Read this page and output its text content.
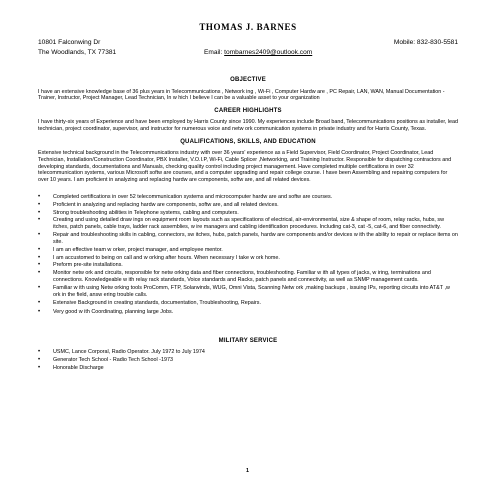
THOMAS J. BARNES
10801 Falconwing Dr
The Woodlands, TX 77381
Mobile: 832-830-5581
Email: tombarnes2409@outlook.com
OBJECTIVE

I have an extensive knowledge base of 36 plus years in Telecommunications , Network ing , Wi-Fi , Computer Hardw are , PC Repair, LAN, WAN, Manual Documentation -Trainer, Instructor, Project Manager, Lead Technician, In w hich I believe I can be a valuable asset to your organization

CAREER HIGHLIGHTS

I have thirty-six years of Experience and have been employed by Harris County since 1990. My experiences include Broad band, Telecommunications positions as installer, lead technician, project coordinator, supervisor, and instructor for numerous voice and netw ork communication systems in private industry and for Harris County, Texas.

QUALIFICATIONS, SKILLS, AND EDUCATION

Extensive technical background in the Telecommunications industry with over 36 years' experience as a Field Supervisor, Field Coordinator, Project Coordinator, Lead Technician, Installation/Construction Coordinator, PBX Installer, V.O.I.P, Wi-Fi, Cable Splicer ,Networking, and Training Instructor. Responsible for dispatching contractors and developing standards, documentations and Manuals, checking quality control including project management. Have completed multiple certifications in over 32 telecommunication systems, various Microsoft softw are courses, and a computer upgrading and repair college course. I have been Assembling and repairing computers for over 10 years. I am proficient in analyzing and replacing hardw are components, softw are, and all related devices.

• Completed certifications in over 52 telecommunication systems and microcomputer hardw are and softw are courses.
• Proficient in analyzing and replacing hardw are components, softw are, and all related devices.
• Strong troubleshooting abilities in Telephone systems, cabling and computers.
• Creating and using detailed draw ings on equipment room layouts such as specifications of electrical, air-environmental, size & shape of room, relay racks, hubs, sw itches, patch panels, cable trays, ladder rack assemblies, w ire managers and cabling identification procedures. Including cat-3, cat -5, cat-6, and fiber connectivity.
• Repair and troubleshooting skills in cabling, connectors, sw itches, hubs, patch panels, hardw are components and/or devices w ith the ability to repair or replace items on site.
• I am an effective team w orker, project manager, and employee mentor.
• I am accustomed to being on call and w orking after hours. When necessary I take w ork home.
• Preform pre-site installations.
• Monitor netw ork and circuits, responsible for netw orking data and fiber connections, troubleshooting. Familiar w ith all types of jacks, w iring, terminations and connections. Knowledgeable w ith relay rack standards, Voice standards and Racks, patch panels and connectivity, as well as SNMP management cards.
• Familiar w ith using Netw orking tools ProComm, FTP, Solarwinds, WUG, Omni Vista, Scanning Netw ork ,making backups , issuing IPs, reporting circuits into AT&T ,w ork in the field, answ ering trouble calls.
• Extensive Background in creating standards, documentation, Troubleshooting, Repairs.
• Very good w ith Coordinating, planning large Jobs.
MILITARY SERVICE
• USMC, Lance Corporal, Radio Operator. July 1972 to July 1974
• Generator Tech School - Radio Tech School -1973
• Honorable Discharge
1
